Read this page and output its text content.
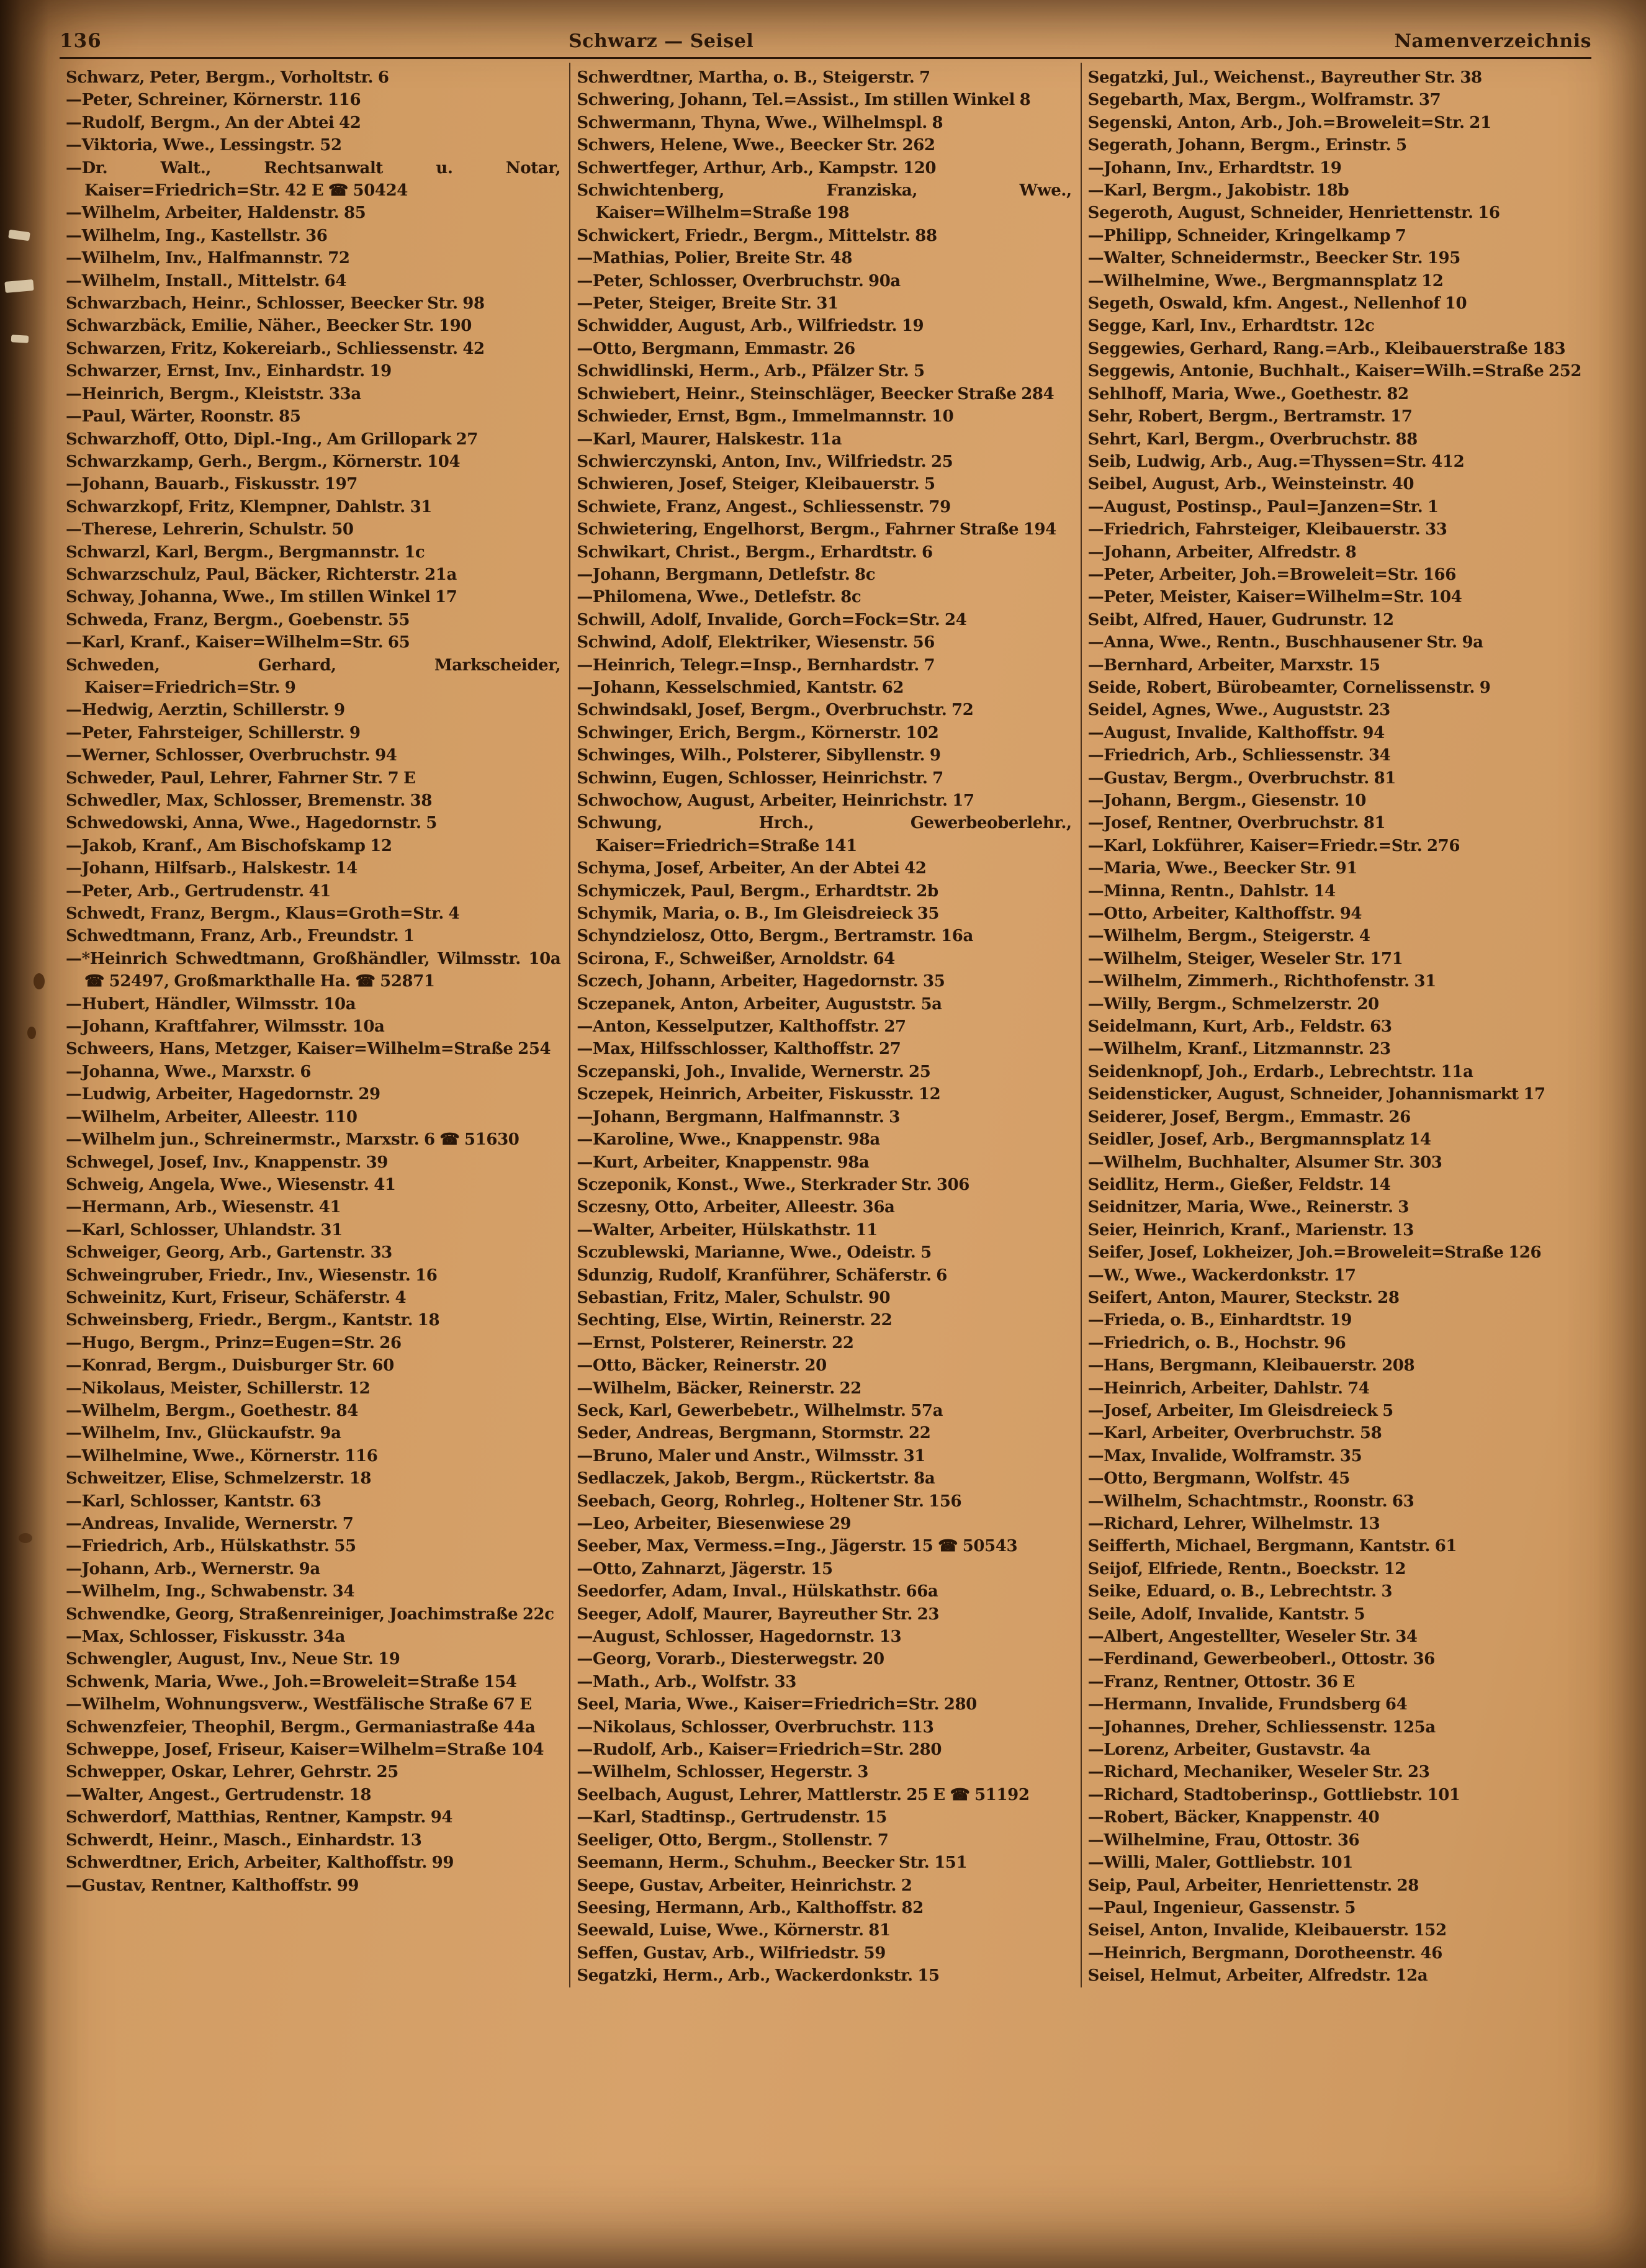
136	Schwarz — Seisel	Namenverzeichnis

Schwarz, Peter, Bergm., Vorholtstr. 6

—Peter, Schreiner, Körnerstr. 116

—Rudolf, Bergm., An der Abtei 42

—Viktoria, Wwe., Lessingstr. 52

—Dr. Walt., Rechtsanwalt u. Notar, Kaiser=Friedrich=Str. 42 E ☎ 50424

—Wilhelm, Arbeiter, Haldenstr. 85

—Wilhelm, Ing., Kastellstr. 36

—Wilhelm, Inv., Halfmannstr. 72

—Wilhelm, Install., Mittelstr. 64

Schwarzbach, Heinr., Schlosser, Beecker Str. 98

Schwarzbäck, Emilie, Näher., Beecker Str. 190

Schwarzen, Fritz, Kokereiarb., Schliessenstr. 42

Schwarzer, Ernst, Inv., Einhardstr. 19

—Heinrich, Bergm., Kleiststr. 33a

—Paul, Wärter, Roonstr. 85

Schwarzhoff, Otto, Dipl.-Ing., Am Grillopark 27

Schwarzkamp, Gerh., Bergm., Körnerstr. 104

—Johann, Bauarb., Fiskusstr. 197

Schwarzkopf, Fritz, Klempner, Dahlstr. 31

—Therese, Lehrerin, Schulstr. 50

Schwarzl, Karl, Bergm., Bergmannstr. 1c

Schwarzschulz, Paul, Bäcker, Richterstr. 21a

Schway, Johanna, Wwe., Im stillen Winkel 17

Schweda, Franz, Bergm., Goebenstr. 55

—Karl, Kranf., Kaiser=Wilhelm=Str. 65

Schweden, Gerhard, Markscheider, Kaiser=Friedrich=Str. 9

—Hedwig, Aerztin, Schillerstr. 9

—Peter, Fahrsteiger, Schillerstr. 9

—Werner, Schlosser, Overbruchstr. 94

Schweder, Paul, Lehrer, Fahrner Str. 7 E

Schwedler, Max, Schlosser, Bremenstr. 38

Schwedowski, Anna, Wwe., Hagedornstr. 5

—Jakob, Kranf., Am Bischofskamp 12

—Johann, Hilfsarb., Halskestr. 14

—Peter, Arb., Gertrudenstr. 41

Schwedt, Franz, Bergm., Klaus=Groth=Str. 4

Schwedtmann, Franz, Arb., Freundstr. 1

—*Heinrich Schwedtmann, Großhändler, Wilmsstr. 10a ☎ 52497, Großmarkthalle Ha. ☎ 52871

—Hubert, Händler, Wilmsstr. 10a

—Johann, Kraftfahrer, Wilmsstr. 10a

Schweers, Hans, Metzger, Kaiser=Wilhelm=Straße 254

—Johanna, Wwe., Marxstr. 6

—Ludwig, Arbeiter, Hagedornstr. 29

—Wilhelm, Arbeiter, Alleestr. 110

—Wilhelm jun., Schreinermstr., Marxstr. 6 ☎ 51630

Schwegel, Josef, Inv., Knappenstr. 39

Schweig, Angela, Wwe., Wiesenstr. 41

—Hermann, Arb., Wiesenstr. 41

—Karl, Schlosser, Uhlandstr. 31

Schweiger, Georg, Arb., Gartenstr. 33

Schweingruber, Friedr., Inv., Wiesenstr. 16

Schweinitz, Kurt, Friseur, Schäferstr. 4

Schweinsberg, Friedr., Bergm., Kantstr. 18

—Hugo, Bergm., Prinz=Eugen=Str. 26

—Konrad, Bergm., Duisburger Str. 60

—Nikolaus, Meister, Schillerstr. 12

—Wilhelm, Bergm., Goethestr. 84

—Wilhelm, Inv., Glückaufstr. 9a

—Wilhelmine, Wwe., Körnerstr. 116

Schweitzer, Elise, Schmelzerstr. 18

—Karl, Schlosser, Kantstr. 63

—Andreas, Invalide, Wernerstr. 7

—Friedrich, Arb., Hülskathstr. 55

—Johann, Arb., Wernerstr. 9a

—Wilhelm, Ing., Schwabenstr. 34

Schwendke, Georg, Straßenreiniger, Joachimstraße 22c

—Max, Schlosser, Fiskusstr. 34a

Schwengler, August, Inv., Neue Str. 19

Schwenk, Maria, Wwe., Joh.=Broweleit=Straße 154

—Wilhelm, Wohnungsverw., Westfälische Straße 67 E

Schwenzfeier, Theophil, Bergm., Germaniastraße 44a

Schweppe, Josef, Friseur, Kaiser=Wilhelm=Straße 104

Schwepper, Oskar, Lehrer, Gehrstr. 25

—Walter, Angest., Gertrudenstr. 18

Schwerdorf, Matthias, Rentner, Kampstr. 94

Schwerdt, Heinr., Masch., Einhardstr. 13

Schwerdtner, Erich, Arbeiter, Kalthoffstr. 99

—Gustav, Rentner, Kalthoffstr. 99

Schwerdtner, Martha, o. B., Steigerstr. 7

Schwering, Johann, Tel.=Assist., Im stillen Winkel 8

Schwermann, Thyna, Wwe., Wilhelmspl. 8

Schwers, Helene, Wwe., Beecker Str. 262

Schwertfeger, Arthur, Arb., Kampstr. 120

Schwichtenberg, Franziska, Wwe., Kaiser=Wilhelm=Straße 198

Schwickert, Friedr., Bergm., Mittelstr. 88

—Mathias, Polier, Breite Str. 48

—Peter, Schlosser, Overbruchstr. 90a

—Peter, Steiger, Breite Str. 31

Schwidder, August, Arb., Wilfriedstr. 19

—Otto, Bergmann, Emmastr. 26

Schwidlinski, Herm., Arb., Pfälzer Str. 5

Schwiebert, Heinr., Steinschläger, Beecker Straße 284

Schwieder, Ernst, Bgm., Immelmannstr. 10

—Karl, Maurer, Halskestr. 11a

Schwierczynski, Anton, Inv., Wilfriedstr. 25

Schwieren, Josef, Steiger, Kleibauerstr. 5

Schwiete, Franz, Angest., Schliessenstr. 79

Schwietering, Engelhorst, Bergm., Fahrner Straße 194

Schwikart, Christ., Bergm., Erhardtstr. 6

—Johann, Bergmann, Detlefstr. 8c

—Philomena, Wwe., Detlefstr. 8c

Schwill, Adolf, Invalide, Gorch=Fock=Str. 24

Schwind, Adolf, Elektriker, Wiesenstr. 56

—Heinrich, Telegr.=Insp., Bernhardstr. 7

—Johann, Kesselschmied, Kantstr. 62

Schwindsakl, Josef, Bergm., Overbruchstr. 72

Schwinger, Erich, Bergm., Körnerstr. 102

Schwinges, Wilh., Polsterer, Sibyllenstr. 9

Schwinn, Eugen, Schlosser, Heinrichstr. 7

Schwochow, August, Arbeiter, Heinrichstr. 17

Schwung, Hrch., Gewerbeoberlehr., Kaiser=Friedrich=Straße 141

Schyma, Josef, Arbeiter, An der Abtei 42

Schymiczek, Paul, Bergm., Erhardtstr. 2b

Schymik, Maria, o. B., Im Gleisdreieck 35

Schyndzielosz, Otto, Bergm., Bertramstr. 16a

Scirona, F., Schweißer, Arnoldstr. 64

Sczech, Johann, Arbeiter, Hagedornstr. 35

Sczepanek, Anton, Arbeiter, Auguststr. 5a

—Anton, Kesselputzer, Kalthoffstr. 27

—Max, Hilfsschlosser, Kalthoffstr. 27

Sczepanski, Joh., Invalide, Wernerstr. 25

Sczepek, Heinrich, Arbeiter, Fiskusstr. 12

—Johann, Bergmann, Halfmannstr. 3

—Karoline, Wwe., Knappenstr. 98a

—Kurt, Arbeiter, Knappenstr. 98a

Sczeponik, Konst., Wwe., Sterkrader Str. 306

Sczesny, Otto, Arbeiter, Alleestr. 36a

—Walter, Arbeiter, Hülskathstr. 11

Sczublewski, Marianne, Wwe., Odeistr. 5

Sdunzig, Rudolf, Kranführer, Schäferstr. 6

Sebastian, Fritz, Maler, Schulstr. 90

Sechting, Else, Wirtin, Reinerstr. 22

—Ernst, Polsterer, Reinerstr. 22

—Otto, Bäcker, Reinerstr. 20

—Wilhelm, Bäcker, Reinerstr. 22

Seck, Karl, Gewerbebetr., Wilhelmstr. 57a

Seder, Andreas, Bergmann, Stormstr. 22

—Bruno, Maler und Anstr., Wilmsstr. 31

Sedlaczek, Jakob, Bergm., Rückertstr. 8a

Seebach, Georg, Rohrleg., Holtener Str. 156

—Leo, Arbeiter, Biesenwiese 29

Seeber, Max, Vermess.=Ing., Jägerstr. 15 ☎ 50543

—Otto, Zahnarzt, Jägerstr. 15

Seedorfer, Adam, Inval., Hülskathstr. 66a

Seeger, Adolf, Maurer, Bayreuther Str. 23

—August, Schlosser, Hagedornstr. 13

—Georg, Vorarb., Diesterwegstr. 20

—Math., Arb., Wolfstr. 33

Seel, Maria, Wwe., Kaiser=Friedrich=Str. 280

—Nikolaus, Schlosser, Overbruchstr. 113

—Rudolf, Arb., Kaiser=Friedrich=Str. 280

—Wilhelm, Schlosser, Hegerstr. 3

Seelbach, August, Lehrer, Mattlerstr. 25 E ☎ 51192

—Karl, Stadtinsp., Gertrudenstr. 15

Seeliger, Otto, Bergm., Stollenstr. 7

Seemann, Herm., Schuhm., Beecker Str. 151

Seepe, Gustav, Arbeiter, Heinrichstr. 2

Seesing, Hermann, Arb., Kalthoffstr. 82

Seewald, Luise, Wwe., Körnerstr. 81

Seffen, Gustav, Arb., Wilfriedstr. 59

Segatzki, Herm., Arb., Wackerdonkstr. 15

Segatzki, Jul., Weichenst., Bayreuther Str. 38

Segebarth, Max, Bergm., Wolframstr. 37

Segenski, Anton, Arb., Joh.=Broweleit=Str. 21

Segerath, Johann, Bergm., Erinstr. 5

—Johann, Inv., Erhardtstr. 19

—Karl, Bergm., Jakobistr. 18b

Segeroth, August, Schneider, Henriettenstr. 16

—Philipp, Schneider, Kringelkamp 7

—Walter, Schneidermstr., Beecker Str. 195

—Wilhelmine, Wwe., Bergmannsplatz 12

Segeth, Oswald, kfm. Angest., Nellenhof 10

Segge, Karl, Inv., Erhardtstr. 12c

Seggewies, Gerhard, Rang.=Arb., Kleibauerstraße 183

Seggewis, Antonie, Buchhalt., Kaiser=Wilh.=Straße 252

Sehlhoff, Maria, Wwe., Goethestr. 82

Sehr, Robert, Bergm., Bertramstr. 17

Sehrt, Karl, Bergm., Overbruchstr. 88

Seib, Ludwig, Arb., Aug.=Thyssen=Str. 412

Seibel, August, Arb., Weinsteinstr. 40

—August, Postinsp., Paul=Janzen=Str. 1

—Friedrich, Fahrsteiger, Kleibauerstr. 33

—Johann, Arbeiter, Alfredstr. 8

—Peter, Arbeiter, Joh.=Broweleit=Str. 166

—Peter, Meister, Kaiser=Wilhelm=Str. 104

Seibt, Alfred, Hauer, Gudrunstr. 12

—Anna, Wwe., Rentn., Buschhausener Str. 9a

—Bernhard, Arbeiter, Marxstr. 15

Seide, Robert, Bürobeamter, Cornelissenstr. 9

Seidel, Agnes, Wwe., Auguststr. 23

—August, Invalide, Kalthoffstr. 94

—Friedrich, Arb., Schliessenstr. 34

—Gustav, Bergm., Overbruchstr. 81

—Johann, Bergm., Giesenstr. 10

—Josef, Rentner, Overbruchstr. 81

—Karl, Lokführer, Kaiser=Friedr.=Str. 276

—Maria, Wwe., Beecker Str. 91

—Minna, Rentn., Dahlstr. 14

—Otto, Arbeiter, Kalthoffstr. 94

—Wilhelm, Bergm., Steigerstr. 4

—Wilhelm, Steiger, Weseler Str. 171

—Wilhelm, Zimmerh., Richthofenstr. 31

—Willy, Bergm., Schmelzerstr. 20

Seidelmann, Kurt, Arb., Feldstr. 63

—Wilhelm, Kranf., Litzmannstr. 23

Seidenknopf, Joh., Erdarb., Lebrechtstr. 11a

Seidensticker, August, Schneider, Johannismarkt 17

Seiderer, Josef, Bergm., Emmastr. 26

Seidler, Josef, Arb., Bergmannsplatz 14

—Wilhelm, Buchhalter, Alsumer Str. 303

Seidlitz, Herm., Gießer, Feldstr. 14

Seidnitzer, Maria, Wwe., Reinerstr. 3

Seier, Heinrich, Kranf., Marienstr. 13

Seifer, Josef, Lokheizer, Joh.=Broweleit=Straße 126

—W., Wwe., Wackerdonkstr. 17

Seifert, Anton, Maurer, Steckstr. 28

—Frieda, o. B., Einhardtstr. 19

—Friedrich, o. B., Hochstr. 96

—Hans, Bergmann, Kleibauerstr. 208

—Heinrich, Arbeiter, Dahlstr. 74

—Josef, Arbeiter, Im Gleisdreieck 5

—Karl, Arbeiter, Overbruchstr. 58

—Max, Invalide, Wolframstr. 35

—Otto, Bergmann, Wolfstr. 45

—Wilhelm, Schachtmstr., Roonstr. 63

—Richard, Lehrer, Wilhelmstr. 13

Seifferth, Michael, Bergmann, Kantstr. 61

Seijof, Elfriede, Rentn., Boeckstr. 12

Seike, Eduard, o. B., Lebrechtstr. 3

Seile, Adolf, Invalide, Kantstr. 5

—Albert, Angestellter, Weseler Str. 34

—Ferdinand, Gewerbeoberl., Ottostr. 36

—Franz, Rentner, Ottostr. 36 E

—Hermann, Invalide, Frundsberg 64

—Johannes, Dreher, Schliessenstr. 125a

—Lorenz, Arbeiter, Gustavstr. 4a

—Richard, Mechaniker, Weseler Str. 23

—Richard, Stadtoberinsp., Gottliebstr. 101

—Robert, Bäcker, Knappenstr. 40

—Wilhelmine, Frau, Ottostr. 36

—Willi, Maler, Gottliebstr. 101

Seip, Paul, Arbeiter, Henriettenstr. 28

—Paul, Ingenieur, Gassenstr. 5

Seisel, Anton, Invalide, Kleibauerstr. 152

—Heinrich, Bergmann, Dorotheenstr. 46

Seisel, Helmut, Arbeiter, Alfredstr. 12a
